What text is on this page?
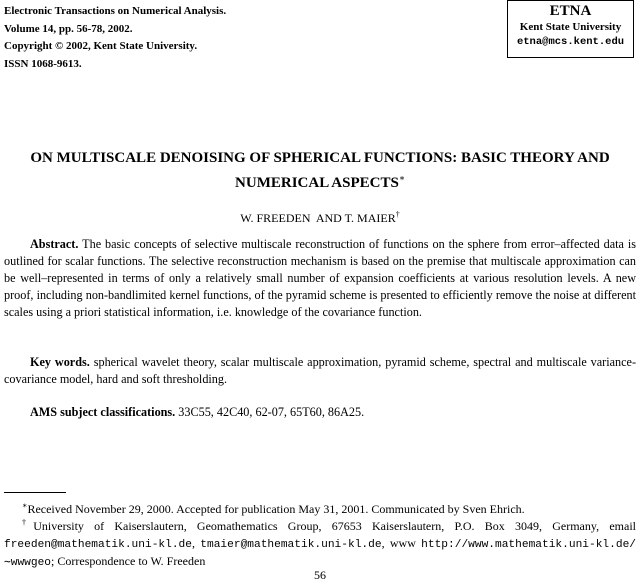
Electronic Transactions on Numerical Analysis.
Volume 14, pp. 56-78, 2002.
Copyright © 2002, Kent State University.
ISSN 1068-9613.
ETNA
Kent State University
etna@mcs.kent.edu
ON MULTISCALE DENOISING OF SPHERICAL FUNCTIONS: BASIC THEORY AND NUMERICAL ASPECTS∗
W. FREEDEN  AND T. MAIER†
Abstract. The basic concepts of selective multiscale reconstruction of functions on the sphere from error–affected data is outlined for scalar functions. The selective reconstruction mechanism is based on the premise that multiscale approximation can be well–represented in terms of only a relatively small number of expansion coefficients at various resolution levels. A new proof, including non-bandlimited kernel functions, of the pyramid scheme is presented to efficiently remove the noise at different scales using a priori statistical information, i.e. knowledge of the covariance function.
Key words. spherical wavelet theory, scalar multiscale approximation, pyramid scheme, spectral and multiscale variance-covariance model, hard and soft thresholding.
AMS subject classifications. 33C55, 42C40, 62-07, 65T60, 86A25.
∗Received November 29, 2000. Accepted for publication May 31, 2001. Communicated by Sven Ehrich.
†University of Kaiserslautern, Geomathematics Group, 67653 Kaiserslautern, P.O. Box 3049, Germany, email freeden@mathematik.uni-kl.de, tmaier@mathematik.uni-kl.de, www http://www.mathematik.uni-kl.de/∼wwwgeo; Correspondence to W. Freeden
56
